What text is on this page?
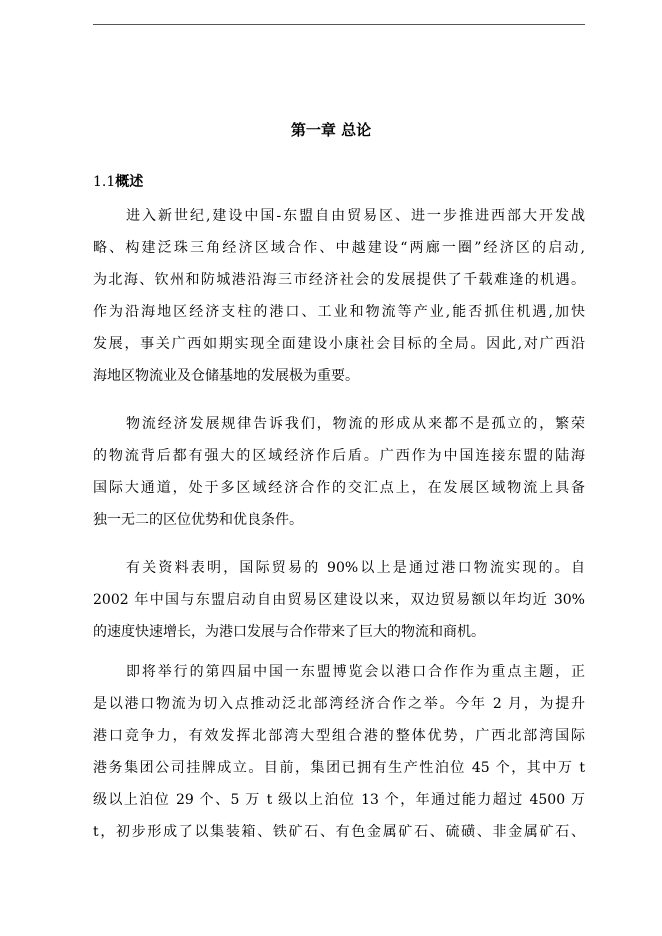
第一章 总论
1.1概述
进入新世纪,建设中国-东盟自由贸易区、进一步推进西部大开发战
略、构建泛珠三角经济区域合作、中越建设“两廊一圈”经济区的启动,
为北海、钦州和防城港沿海三市经济社会的发展提供了千载难逢的机遇。
作为沿海地区经济支柱的港口、工业和物流等产业,能否抓住机遇,加快
发展，事关广西如期实现全面建设小康社会目标的全局。因此,对广西沿
海地区物流业及仓储基地的发展极为重要。
物流经济发展规律告诉我们，物流的形成从来都不是孤立的，繁荣
的物流背后都有强大的区域经济作后盾。广西作为中国连接东盟的陆海
国际大通道，处于多区域经济合作的交汇点上，在发展区域物流上具备
独一无二的区位优势和优良条件。
有关资料表明，国际贸易的 90%以上是通过港口物流实现的。自
2002 年中国与东盟启动自由贸易区建设以来，双边贸易额以年均近 30%
的速度快速增长，为港口发展与合作带来了巨大的物流和商机。
即将举行的第四届中国一东盟博览会以港口合作作为重点主题，正
是以港口物流为切入点推动泛北部湾经济合作之举。今年 2 月，为提升
港口竞争力，有效发挥北部湾大型组合港的整体优势，广西北部湾国际
港务集团公司挂牌成立。目前，集团已拥有生产性泊位 45 个，其中万 t
级以上泊位 29 个、5 万 t 级以上泊位 13 个，年通过能力超过 4500 万
t，初步形成了以集装箱、铁矿石、有色金属矿石、硫磺、非金属矿石、
